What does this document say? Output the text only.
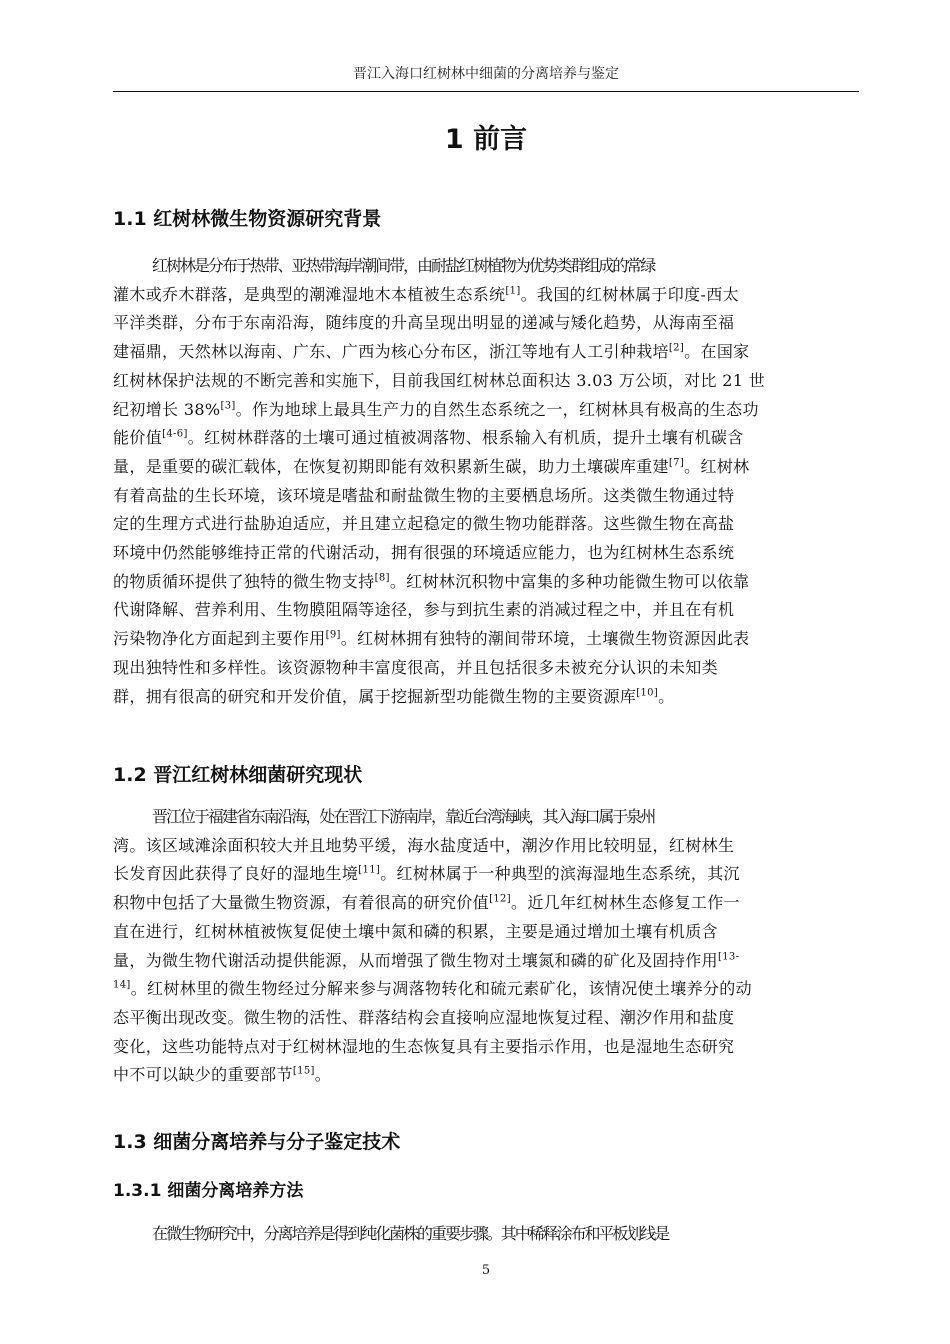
晋江入海口红树林中细菌的分离培养与鉴定
1 前言
1.1 红树林微生物资源研究背景
红树林是分布于热带、亚热带海岸潮间带，由耐盐红树植物为优势类群组成的常绿
灌木或乔木群落，是典型的潮滩湿地木本植被生态系统[1]。我国的红树林属于印度-西太
平洋类群，分布于东南沿海，随纬度的升高呈现出明显的递减与矮化趋势，从海南至福
建福鼎，天然林以海南、广东、广西为核心分布区，浙江等地有人工引种栽培[2]。在国家
红树林保护法规的不断完善和实施下，目前我国红树林总面积达 3.03 万公顷，对比 21 世
纪初增长 38%[3]。作为地球上最具生产力的自然生态系统之一，红树林具有极高的生态功
能价值[4-6]。红树林群落的土壤可通过植被凋落物、根系输入有机质，提升土壤有机碳含
量，是重要的碳汇载体，在恢复初期即能有效积累新生碳，助力土壤碳库重建[7]。红树林
有着高盐的生长环境，该环境是嗜盐和耐盐微生物的主要栖息场所。这类微生物通过特
定的生理方式进行盐胁迫适应，并且建立起稳定的微生物功能群落。这些微生物在高盐
环境中仍然能够维持正常的代谢活动，拥有很强的环境适应能力，也为红树林生态系统
的物质循环提供了独特的微生物支持[8]。红树林沉积物中富集的多种功能微生物可以依靠
代谢降解、营养利用、生物膜阻隔等途径，参与到抗生素的消减过程之中，并且在有机
污染物净化方面起到主要作用[9]。红树林拥有独特的潮间带环境，土壤微生物资源因此表
现出独特性和多样性。该资源物种丰富度很高，并且包括很多未被充分认识的未知类
群，拥有很高的研究和开发价值，属于挖掘新型功能微生物的主要资源库[10]。
1.2 晋江红树林细菌研究现状
晋江位于福建省东南沿海，处在晋江下游南岸，靠近台湾海峡，其入海口属于泉州
湾。该区域滩涂面积较大并且地势平缓，海水盐度适中，潮汐作用比较明显，红树林生
长发育因此获得了良好的湿地生境[11]。红树林属于一种典型的滨海湿地生态系统，其沉
积物中包括了大量微生物资源，有着很高的研究价值[12]。近几年红树林生态修复工作一
直在进行，红树林植被恢复促使土壤中氮和磷的积累，主要是通过增加土壤有机质含
量，为微生物代谢活动提供能源，从而增强了微生物对土壤氮和磷的矿化及固持作用$^{[13-}$
$^{14]}$。红树林里的微生物经过分解来参与凋落物转化和硫元素矿化，该情况使土壤养分的动
态平衡出现改变。微生物的活性、群落结构会直接响应湿地恢复过程、潮汐作用和盐度
变化，这些功能特点对于红树林湿地的生态恢复具有主要指示作用，也是湿地生态研究
中不可以缺少的重要部节[15]。
1.3 细菌分离培养与分子鉴定技术
1.3.1 细菌分离培养方法
在微生物研究中，分离培养是得到纯化菌株的重要步骤。其中稀释涂布和平板划线是
5
